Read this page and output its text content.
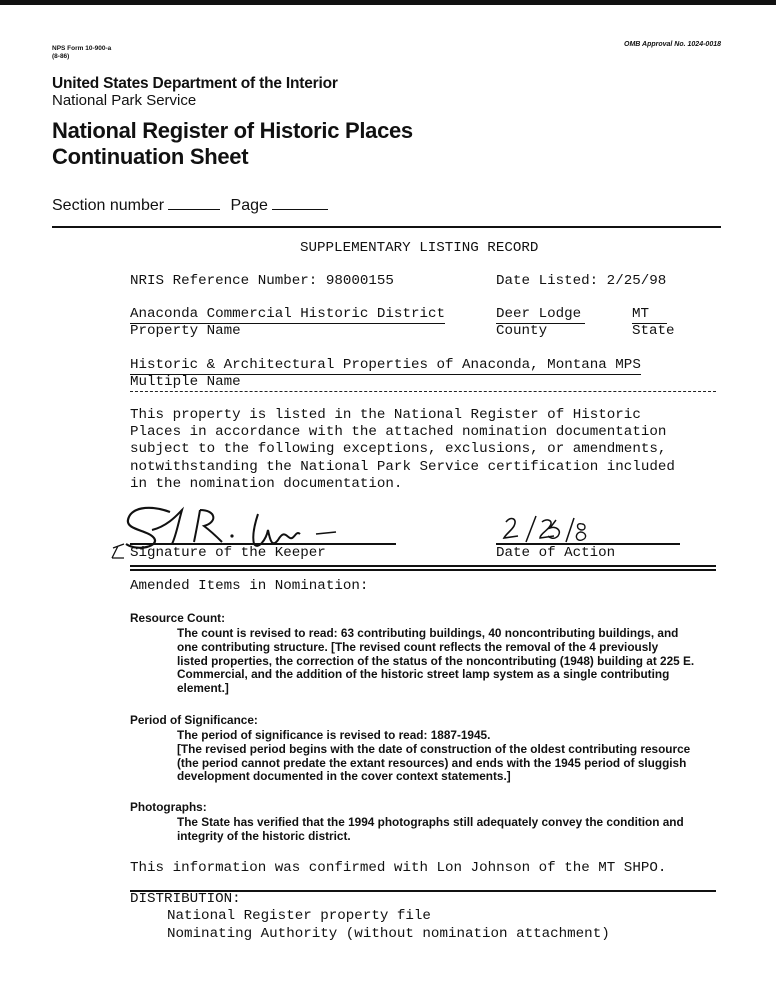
NPS Form 10-900-a
(8-86)
OMB Approval No. 1024-0018
United States Department of the Interior
National Park Service
National Register of Historic Places
Continuation Sheet
Section number	Page
SUPPLEMENTARY LISTING RECORD
NRIS Reference Number: 98000155	Date Listed: 2/25/98
Anaconda Commercial Historic District	Deer Lodge	MT
Property Name	County	State
Historic & Architectural Properties of Anaconda, Montana MPS
Multiple Name
This property is listed in the National Register of Historic
Places in accordance with the attached nomination documentation
subject to the following exceptions, exclusions, or amendments,
notwithstanding the National Park Service certification included
in the nomination documentation.
Signature of the Keeper	Date of Action
Amended Items in Nomination:
Resource Count:
The count is revised to read: 63 contributing buildings, 40 noncontributing buildings, and
one contributing structure. [The revised count reflects the removal of the 4 previously
listed properties, the correction of the status of the noncontributing (1948) building at 225 E.
Commercial, and the addition of the historic street lamp system as a single contributing
element.]
Period of Significance:
The period of significance is revised to read: 1887-1945.
[The revised period begins with the date of construction of the oldest contributing resource
(the period cannot predate the extant resources) and ends with the 1945 period of sluggish
development documented in the cover context statements.]
Photographs:
The State has verified that the 1994 photographs still adequately convey the condition and
integrity of the historic district.
This information was confirmed with Lon Johnson of the MT SHPO.
DISTRIBUTION:
National Register property file
Nominating Authority (without nomination attachment)
